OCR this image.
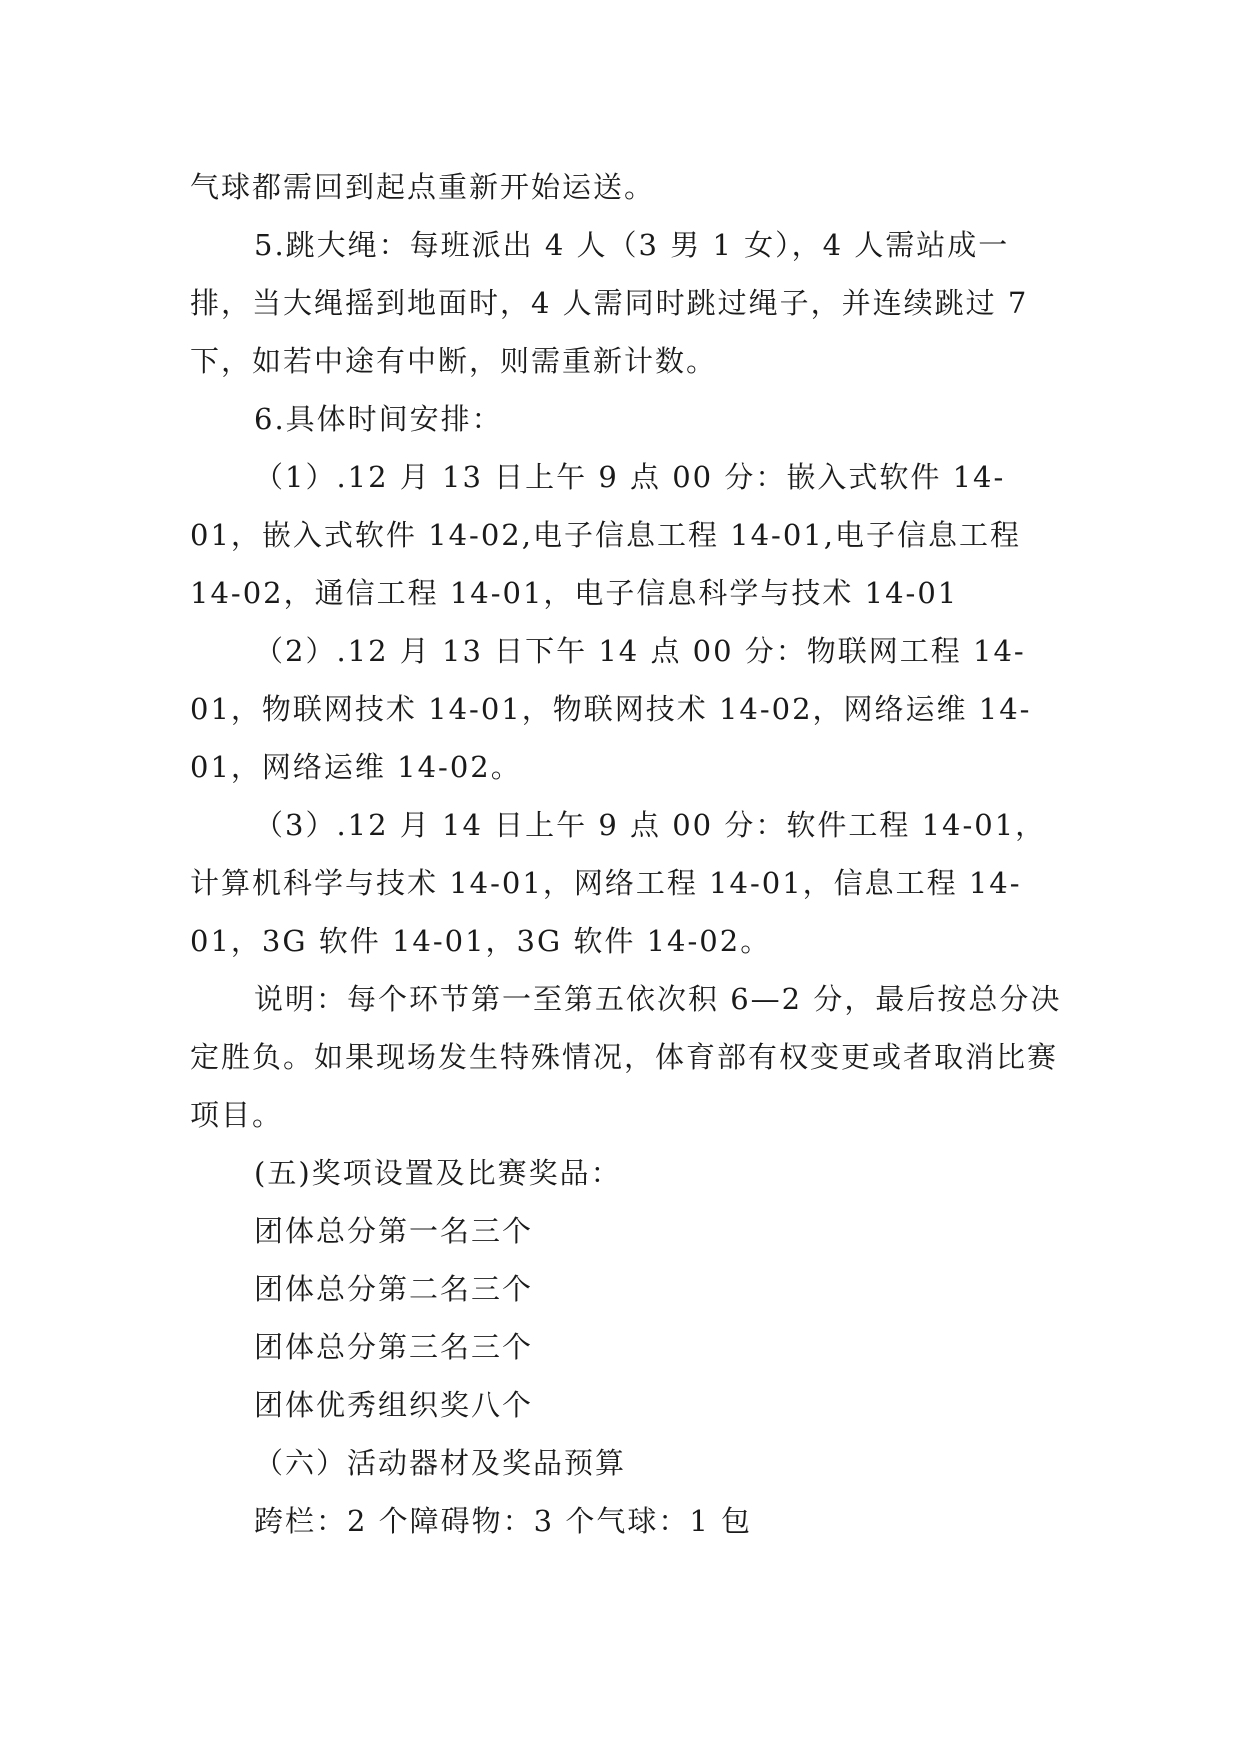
气球都需回到起点重新开始运送。

5.跳大绳：每班派出 4 人（3 男 1 女），4 人需站成一排，当大绳摇到地面时，4 人需同时跳过绳子，并连续跳过 7 下，如若中途有中断，则需重新计数。

6.具体时间安排：

（1）.12 月 13 日上午 9 点 00 分：嵌入式软件 14-01，嵌入式软件 14-02,电子信息工程 14-01,电子信息工程 14-02，通信工程 14-01，电子信息科学与技术 14-01

（2）.12 月 13 日下午 14 点 00 分：物联网工程 14-01，物联网技术 14-01，物联网技术 14-02，网络运维 14-01，网络运维 14-02。

（3）.12 月 14 日上午 9 点 00 分：软件工程 14-01，计算机科学与技术 14-01，网络工程 14-01，信息工程 14-01，3G 软件 14-01，3G 软件 14-02。

说明：每个环节第一至第五依次积 6—2 分，最后按总分决定胜负。如果现场发生特殊情况，体育部有权变更或者取消比赛项目。

(五)奖项设置及比赛奖品：

团体总分第一名三个

团体总分第二名三个

团体总分第三名三个

团体优秀组织奖八个

（六）活动器材及奖品预算

跨栏：2 个障碍物：3 个气球：1 包
